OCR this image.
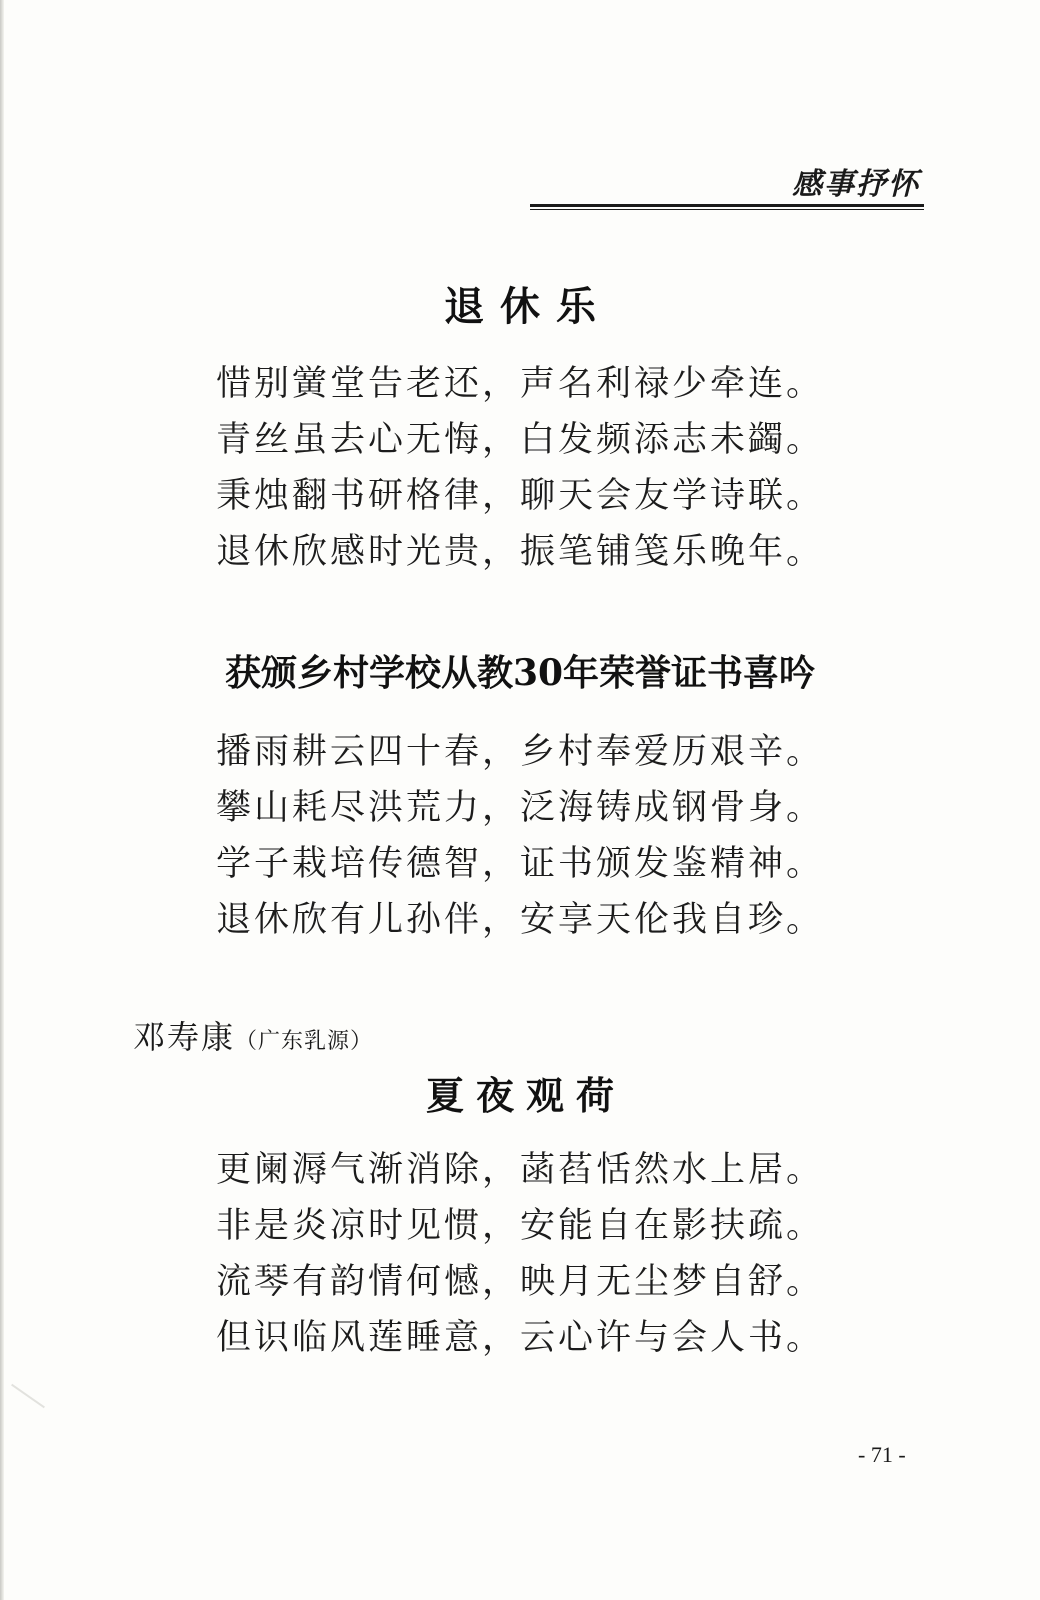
感事抒怀
退休乐
惜别黉堂告老还，声名利禄少牵连。
青丝虽去心无悔，白发频添志未蠲。
秉烛翻书研格律，聊天会友学诗联。
退休欣感时光贵，振笔铺笺乐晚年。
获颁乡村学校从教30年荣誉证书喜吟
播雨耕云四十春，乡村奉爱历艰辛。
攀山耗尽洪荒力，泛海铸成钢骨身。
学子栽培传德智，证书颁发鉴精神。
退休欣有儿孙伴，安享天伦我自珍。
邓寿康（广东乳源）
夏夜观荷
更阑溽气渐消除，菡萏恬然水上居。
非是炎凉时见惯，安能自在影扶疏。
流琴有韵情何憾，映月无尘梦自舒。
但识临风莲睡意，云心许与会人书。
- 71 -
